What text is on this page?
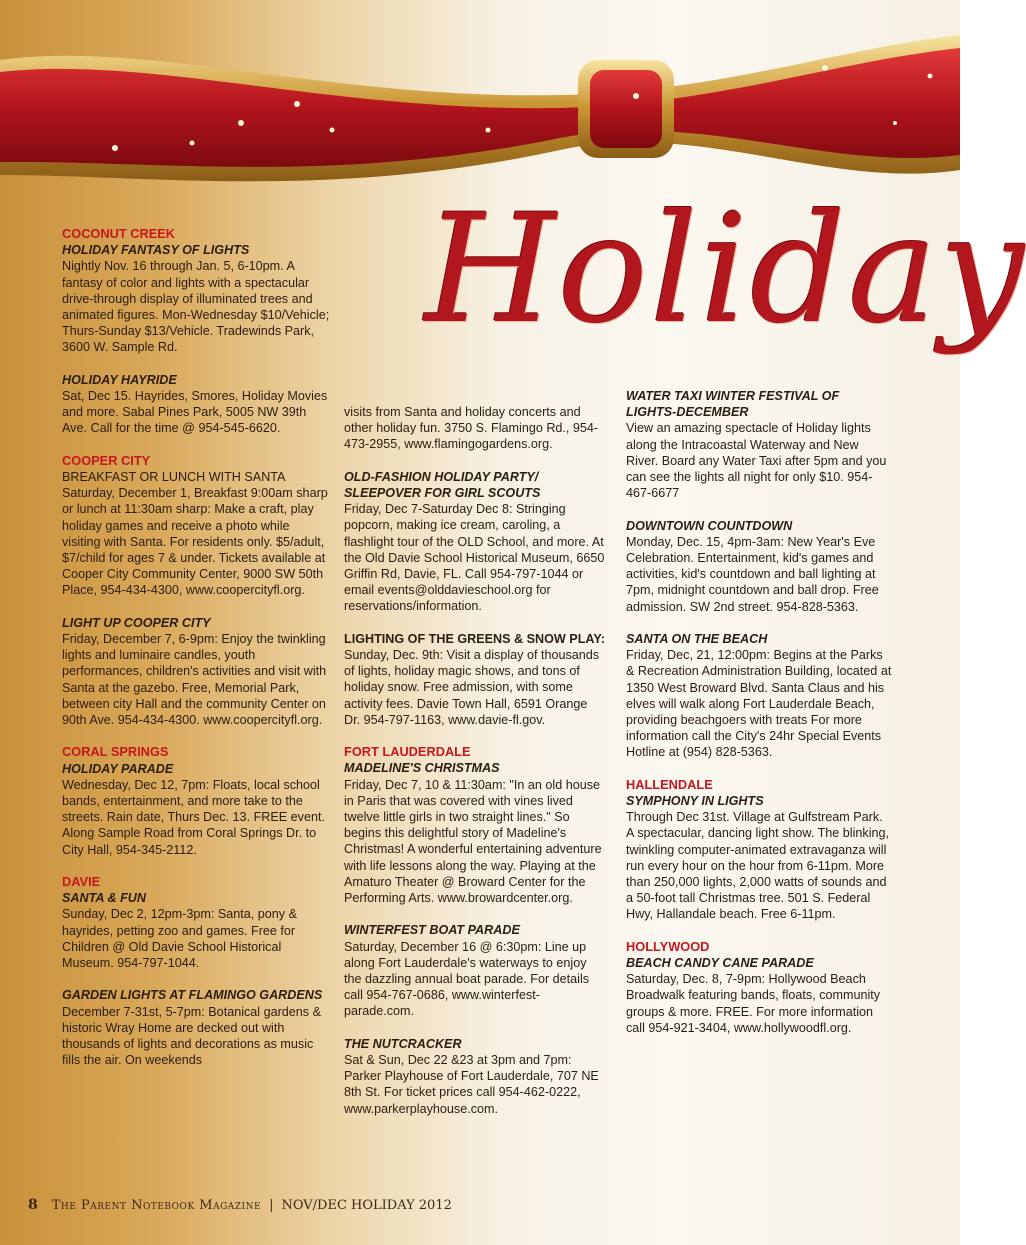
Holiday
COCONUT CREEK
HOLIDAY FANTASY OF LIGHTS
Nightly Nov. 16 through Jan. 5, 6-10pm. A fantasy of color and lights with a spectacular drive-through display of illuminated trees and animated figures. Mon-Wednesday $10/Vehicle; Thurs-Sunday $13/Vehicle. Tradewinds Park, 3600 W. Sample Rd.
HOLIDAY HAYRIDE
Sat, Dec 15. Hayrides, Smores, Holiday Movies and more. Sabal Pines Park, 5005 NW 39th Ave. Call for the time @ 954-545-6620.
COOPER CITY
BREAKFAST OR LUNCH WITH SANTA Saturday, December 1, Breakfast 9:00am sharp or lunch at 11:30am sharp: Make a craft, play holiday games and receive a photo while visiting with Santa. For residents only. $5/adult, $7/child for ages 7 & under. Tickets available at Cooper City Community Center, 9000 SW 50th Place, 954-434-4300, www.coopercityfl.org.
LIGHT UP COOPER CITY
Friday, December 7, 6-9pm: Enjoy the twinkling lights and luminaire candles, youth performances, children's activities and visit with Santa at the gazebo. Free, Memorial Park, between city Hall and the community Center on 90th Ave. 954-434-4300. www.coopercityfl.org.
CORAL SPRINGS
HOLIDAY PARADE
Wednesday, Dec 12, 7pm: Floats, local school bands, entertainment, and more take to the streets. Rain date, Thurs Dec. 13. FREE event. Along Sample Road from Coral Springs Dr. to City Hall, 954-345-2112.
DAVIE
SANTA & FUN
Sunday, Dec 2, 12pm-3pm: Santa, pony & hayrides, petting zoo and games. Free for Children @ Old Davie School Historical Museum. 954-797-1044.
GARDEN LIGHTS AT FLAMINGO GARDENS
December 7-31st, 5-7pm: Botanical gardens & historic Wray Home are decked out with thousands of lights and decorations as music fills the air. On weekends
visits from Santa and holiday concerts and other holiday fun. 3750 S. Flamingo Rd., 954-473-2955, www.flamingogardens.org.
OLD-FASHION HOLIDAY PARTY/ SLEEPOVER FOR GIRL SCOUTS
Friday, Dec 7-Saturday Dec 8: Stringing popcorn, making ice cream, caroling, a flashlight tour of the OLD School, and more. At the Old Davie School Historical Museum, 6650 Griffin Rd, Davie, FL. Call 954-797-1044 or email events@olddavieschool.org for reservations/information.
LIGHTING OF THE GREENS & SNOW PLAY: Sunday, Dec. 9th: Visit a display of thousands of lights, holiday magic shows, and tons of holiday snow. Free admission, with some activity fees. Davie Town Hall, 6591 Orange Dr. 954-797-1163, www.davie-fl.gov.
FORT LAUDERDALE
MADELINE'S CHRISTMAS
Friday, Dec 7, 10 & 11:30am: "In an old house in Paris that was covered with vines lived twelve little girls in two straight lines." So begins this delightful story of Madeline's Christmas! A wonderful entertaining adventure with life lessons along the way. Playing at the Amaturo Theater @ Broward Center for the Performing Arts. www.browardcenter.org.
WINTERFEST BOAT PARADE
Saturday, December 16 @ 6:30pm: Line up along Fort Lauderdale's waterways to enjoy the dazzling annual boat parade. For details call 954-767-0686, www.winterfest-parade.com.
THE NUTCRACKER
Sat & Sun, Dec 22 &23 at 3pm and 7pm: Parker Playhouse of Fort Lauderdale, 707 NE 8th St. For ticket prices call 954-462-0222, www.parkerplayhouse.com.
WATER TAXI WINTER FESTIVAL OF LIGHTS-DECEMBER
View an amazing spectacle of Holiday lights along the Intracoastal Waterway and New River. Board any Water Taxi after 5pm and you can see the lights all night for only $10. 954-467-6677
DOWNTOWN COUNTDOWN
Monday, Dec. 15, 4pm-3am: New Year's Eve Celebration. Entertainment, kid's games and activities, kid's countdown and ball lighting at 7pm, midnight countdown and ball drop. Free admission. SW 2nd street. 954-828-5363.
SANTA ON THE BEACH
Friday, Dec, 21, 12:00pm: Begins at the Parks & Recreation Administration Building, located at 1350 West Broward Blvd. Santa Claus and his elves will walk along Fort Lauderdale Beach, providing beachgoers with treats For more information call the City's 24hr Special Events Hotline at (954) 828-5363.
HALLENDALE
SYMPHONY IN LIGHTS
Through Dec 31st. Village at Gulfstream Park. A spectacular, dancing light show. The blinking, twinkling computer-animated extravaganza will run every hour on the hour from 6-11pm. More than 250,000 lights, 2,000 watts of sounds and a 50-foot tall Christmas tree. 501 S. Federal Hwy, Hallandale beach. Free 6-11pm.
HOLLYWOOD
BEACH CANDY CANE PARADE
Saturday, Dec. 8, 7-9pm: Hollywood Beach Broadwalk featuring bands, floats, community groups & more. FREE. For more information call 954-921-3404, www.hollywoodfl.org.
8 The Parent Notebook Magazine | NOV/DEC HOLIDAY 2012
